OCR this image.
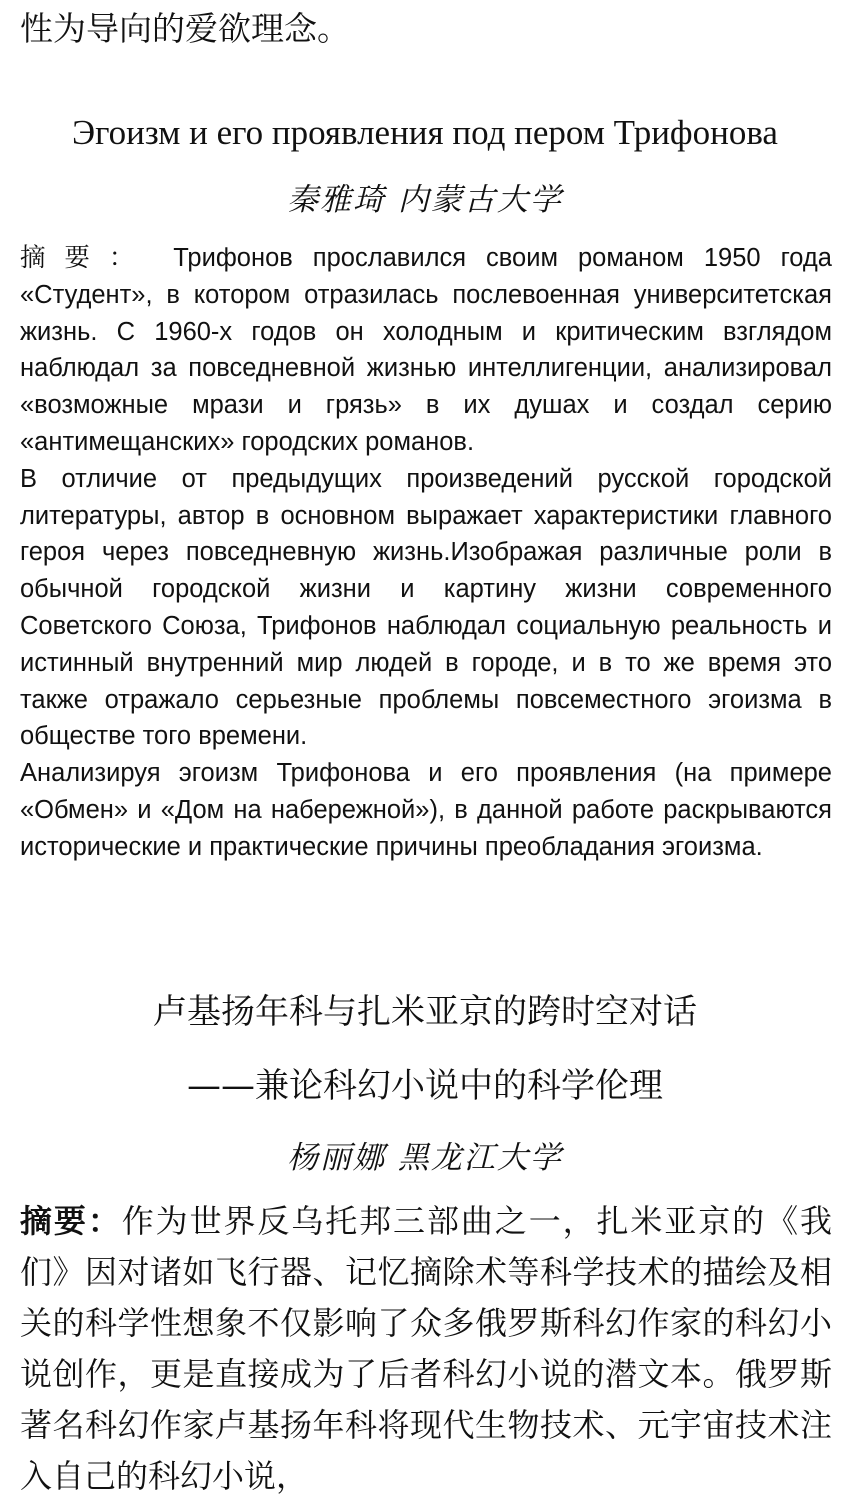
性为导向的爱欲理念。

Эгоизм и его проявления под пером Трифонова

秦雅琦 内蒙古大学

摘要： Трифонов прославился своим романом 1950 года «Студент», в котором отразилась послевоенная университетская жизнь. С 1960-х годов он холодным и критическим взглядом наблюдал за повседневной жизнью интеллигенции, анализировал «возможные мрази и грязь» в их душах и создал серию «антимещанских» городских романов.

В отличие от предыдущих произведений русской городской литературы, автор в основном выражает характеристики главного героя через повседневную жизнь.Изображая различные роли в обычной городской жизни и картину жизни современного Советского Союза, Трифонов наблюдал социальную реальность и истинный внутренний мир людей в городе, и в то же время это также отражало серьезные проблемы повсеместного эгоизма в обществе того времени.

Анализируя эгоизм Трифонова и его проявления (на примере «Обмен» и «Дом на набережной»), в данной работе раскрываются исторические и практические причины преобладания эгоизма.

卢基扬年科与扎米亚京的跨时空对话
——兼论科幻小说中的科学伦理

杨丽娜 黑龙江大学

摘要：作为世界反乌托邦三部曲之一，扎米亚京的《我们》因对诸如飞行器、记忆摘除术等科学技术的描绘及相关的科学性想象不仅影响了众多俄罗斯科幻作家的科幻小说创作，更是直接成为了后者科幻小说的潜文本。俄罗斯著名科幻作家卢基扬年科将现代生物技术、元宇宙技术注入自己的科幻小说，
